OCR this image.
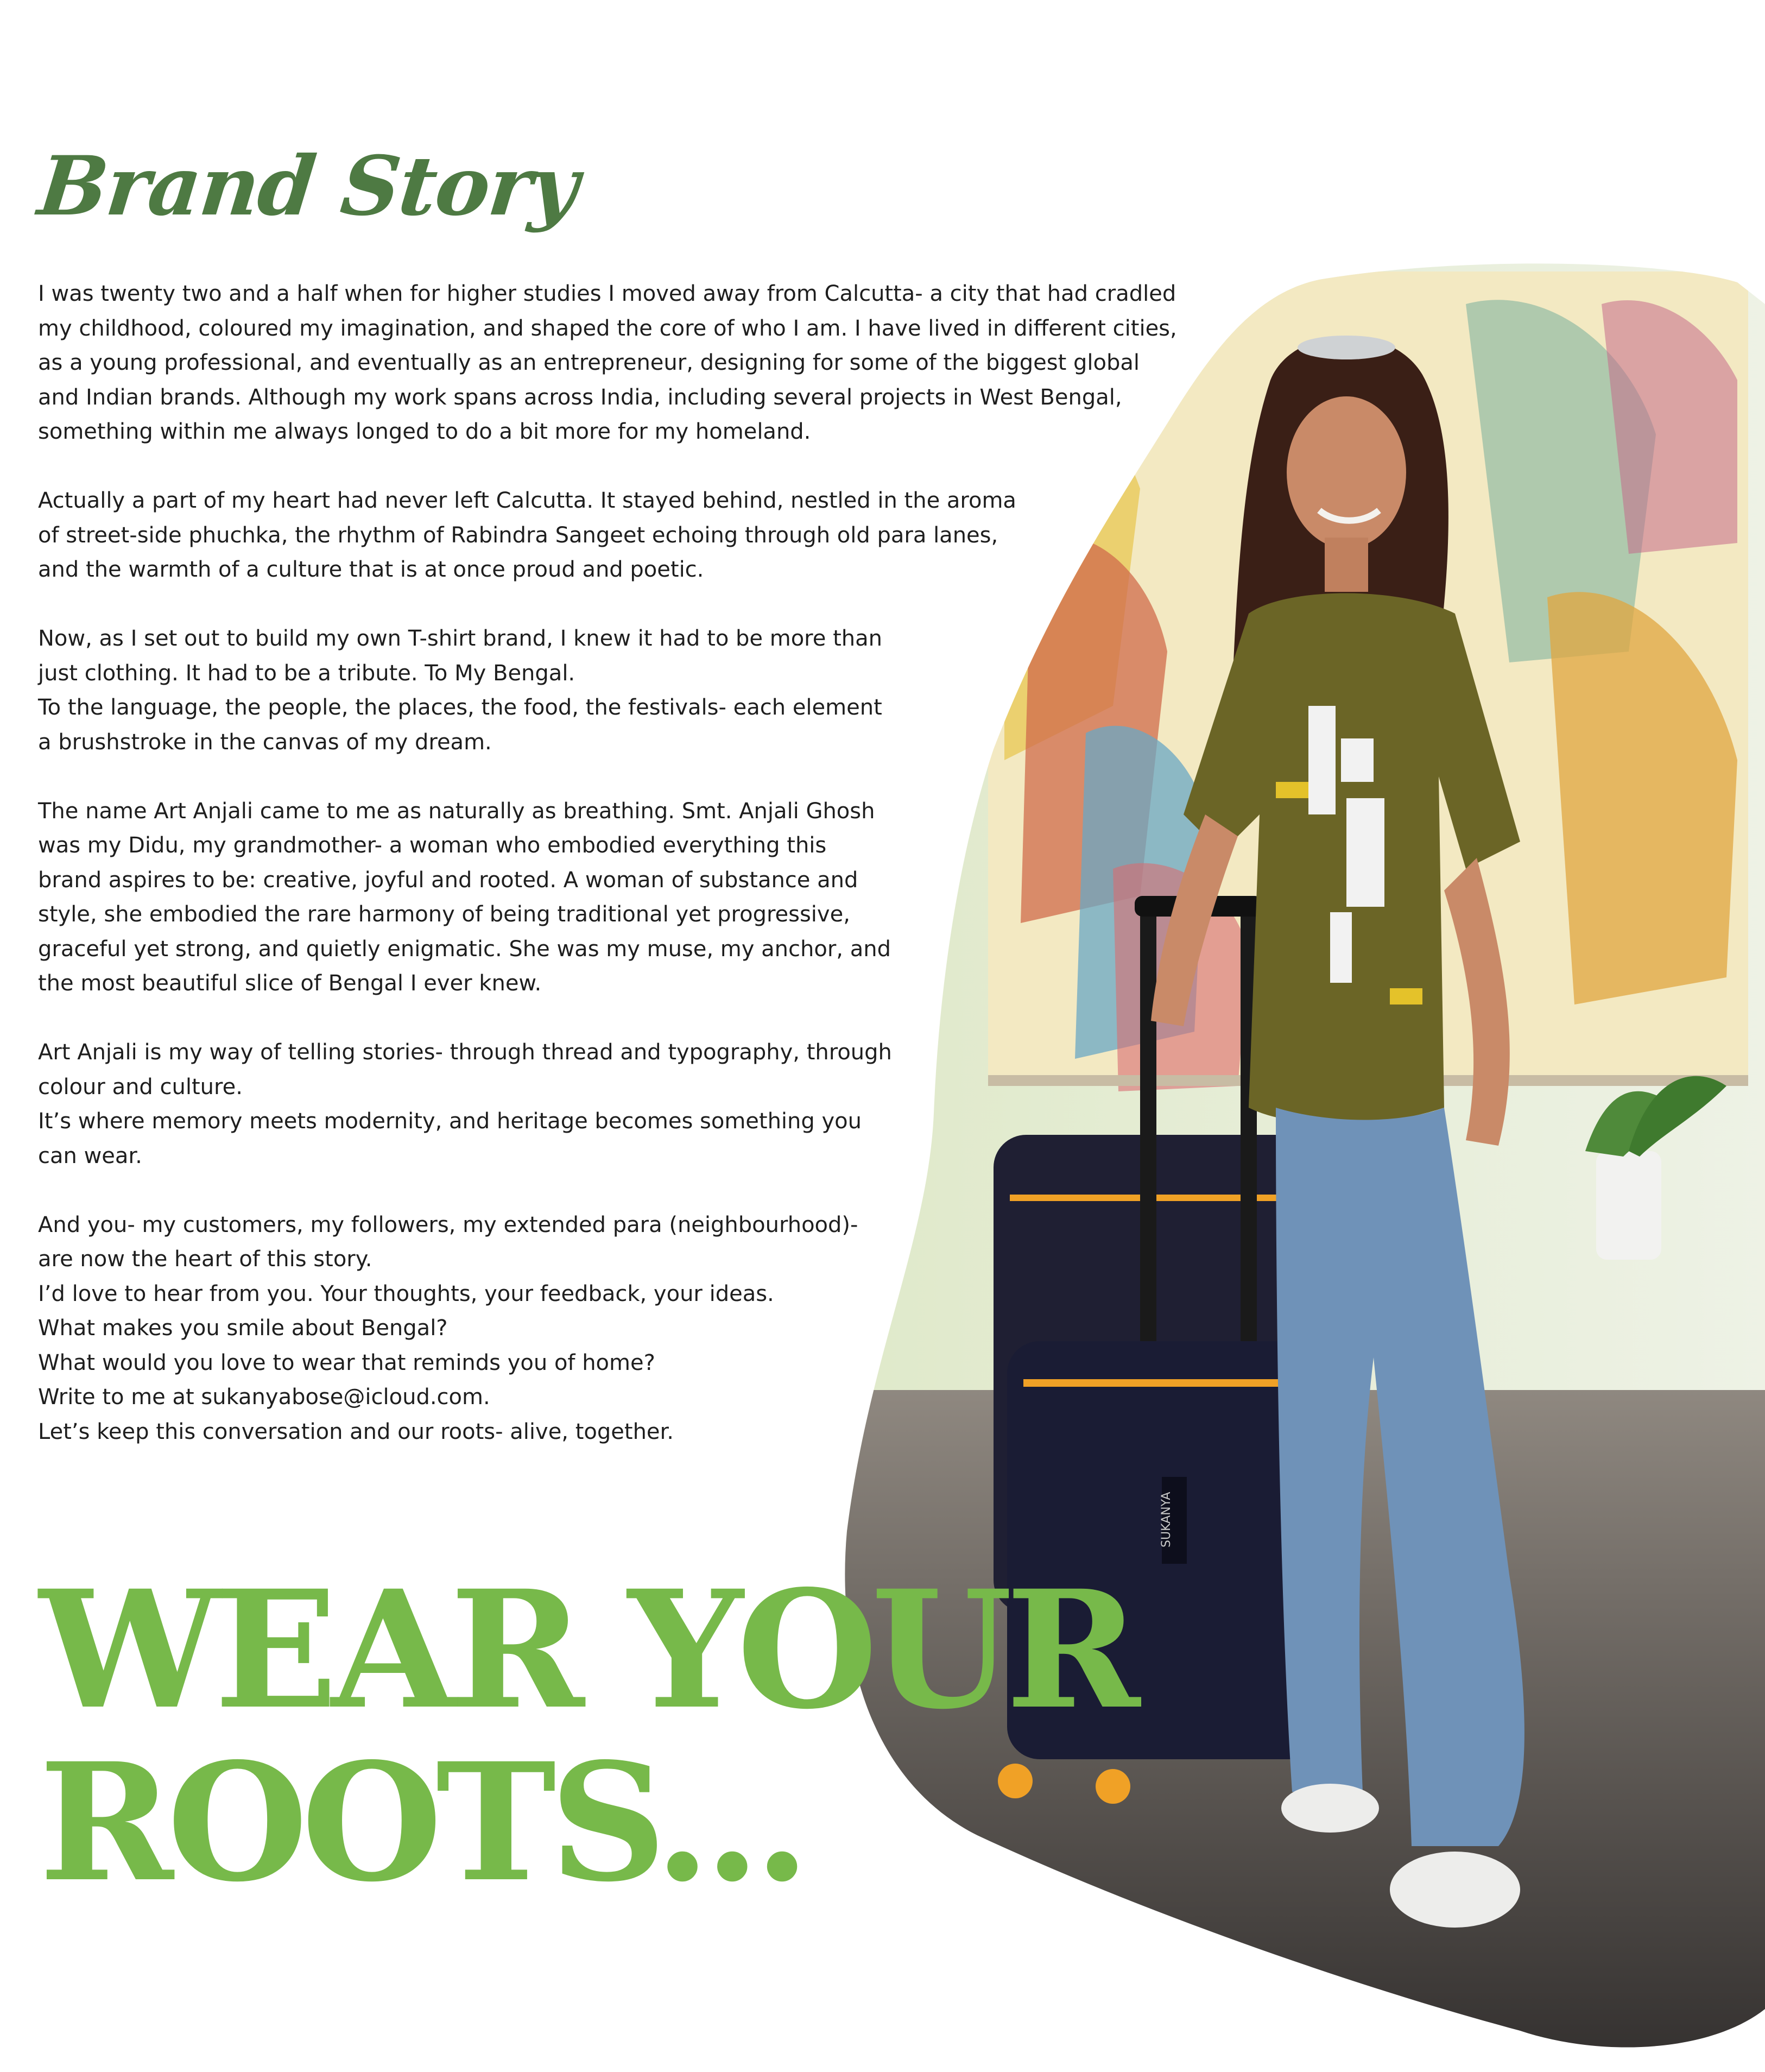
SUKANYA
Brand Story

I was twenty two and a half when for higher studies I moved away from Calcutta- a city that had cradled
my childhood, coloured my imagination, and shaped the core of who I am. I have lived in different cities,
as a young professional, and eventually as an entrepreneur, designing for some of the biggest global
and Indian brands. Although my work spans across India, including several projects in West Bengal,
something within me always longed to do a bit more for my homeland.

Actually a part of my heart had never left Calcutta. It stayed behind, nestled in the aroma
of street-side phuchka, the rhythm of Rabindra Sangeet echoing through old para lanes,
and the warmth of a culture that is at once proud and poetic.

Now, as I set out to build my own T-shirt brand, I knew it had to be more than
just clothing. It had to be a tribute. To My Bengal.
To the language, the people, the places, the food, the festivals- each element
a brushstroke in the canvas of my dream.

The name Art Anjali came to me as naturally as breathing. Smt. Anjali Ghosh
was my Didu, my grandmother- a woman who embodied everything this
brand aspires to be: creative, joyful and rooted. A woman of substance and
style, she embodied the rare harmony of being traditional yet progressive,
graceful yet strong, and quietly enigmatic. She was my muse, my anchor, and
the most beautiful slice of Bengal I ever knew.

Art Anjali is my way of telling stories- through thread and typography, through
colour and culture.
It’s where memory meets modernity, and heritage becomes something you
can wear.

And you- my customers, my followers, my extended para (neighbourhood)-
are now the heart of this story.
I’d love to hear from you. Your thoughts, your feedback, your ideas.
What makes you smile about Bengal?
What would you love to wear that reminds you of home?
Write to me at sukanyabose@icloud.com.
Let’s keep this conversation and our roots- alive, together.

WEAR YOUR
ROOTS...
